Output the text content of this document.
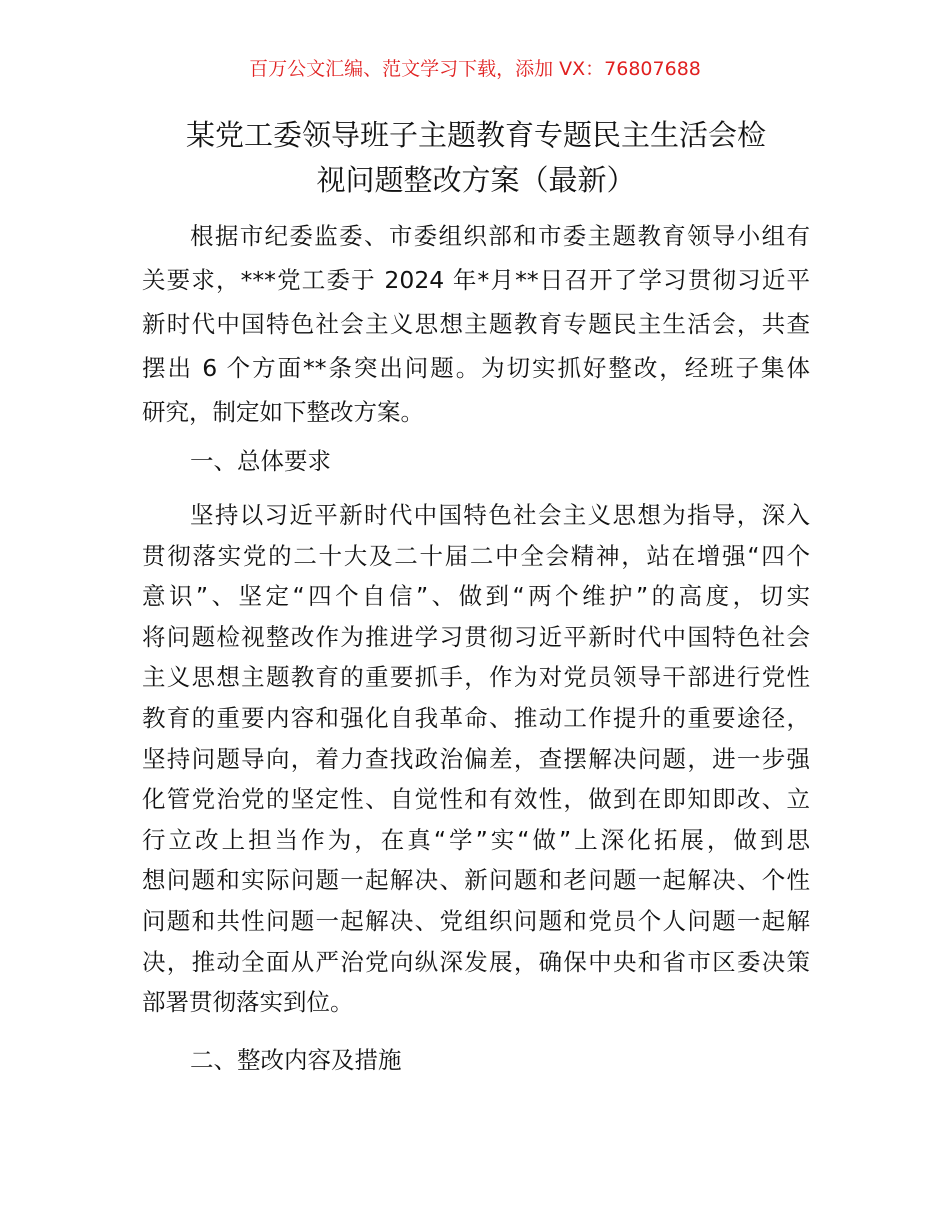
百万公文汇编、范文学习下载，添加 VX：76807688
某党工委领导班子主题教育专题民主生活会检
视问题整改方案（最新）
根据市纪委监委、市委组织部和市委主题教育领导小组有
关要求，***党工委于 2024 年*月**日召开了学习贯彻习近平
新时代中国特色社会主义思想主题教育专题民主生活会，共查
摆出 6 个方面**条突出问题。为切实抓好整改，经班子集体
研究，制定如下整改方案。
一、总体要求
坚持以习近平新时代中国特色社会主义思想为指导，深入
贯彻落实党的二十大及二十届二中全会精神，站在增强“四个
意识”、坚定“四个自信”、做到“两个维护”的高度，切实
将问题检视整改作为推进学习贯彻习近平新时代中国特色社会
主义思想主题教育的重要抓手，作为对党员领导干部进行党性
教育的重要内容和强化自我革命、推动工作提升的重要途径，
坚持问题导向，着力查找政治偏差，查摆解决问题，进一步强
化管党治党的坚定性、自觉性和有效性，做到在即知即改、立
行立改上担当作为，在真“学”实“做”上深化拓展，做到思
想问题和实际问题一起解决、新问题和老问题一起解决、个性
问题和共性问题一起解决、党组织问题和党员个人问题一起解
决，推动全面从严治党向纵深发展，确保中央和省市区委决策
部署贯彻落实到位。
二、整改内容及措施
